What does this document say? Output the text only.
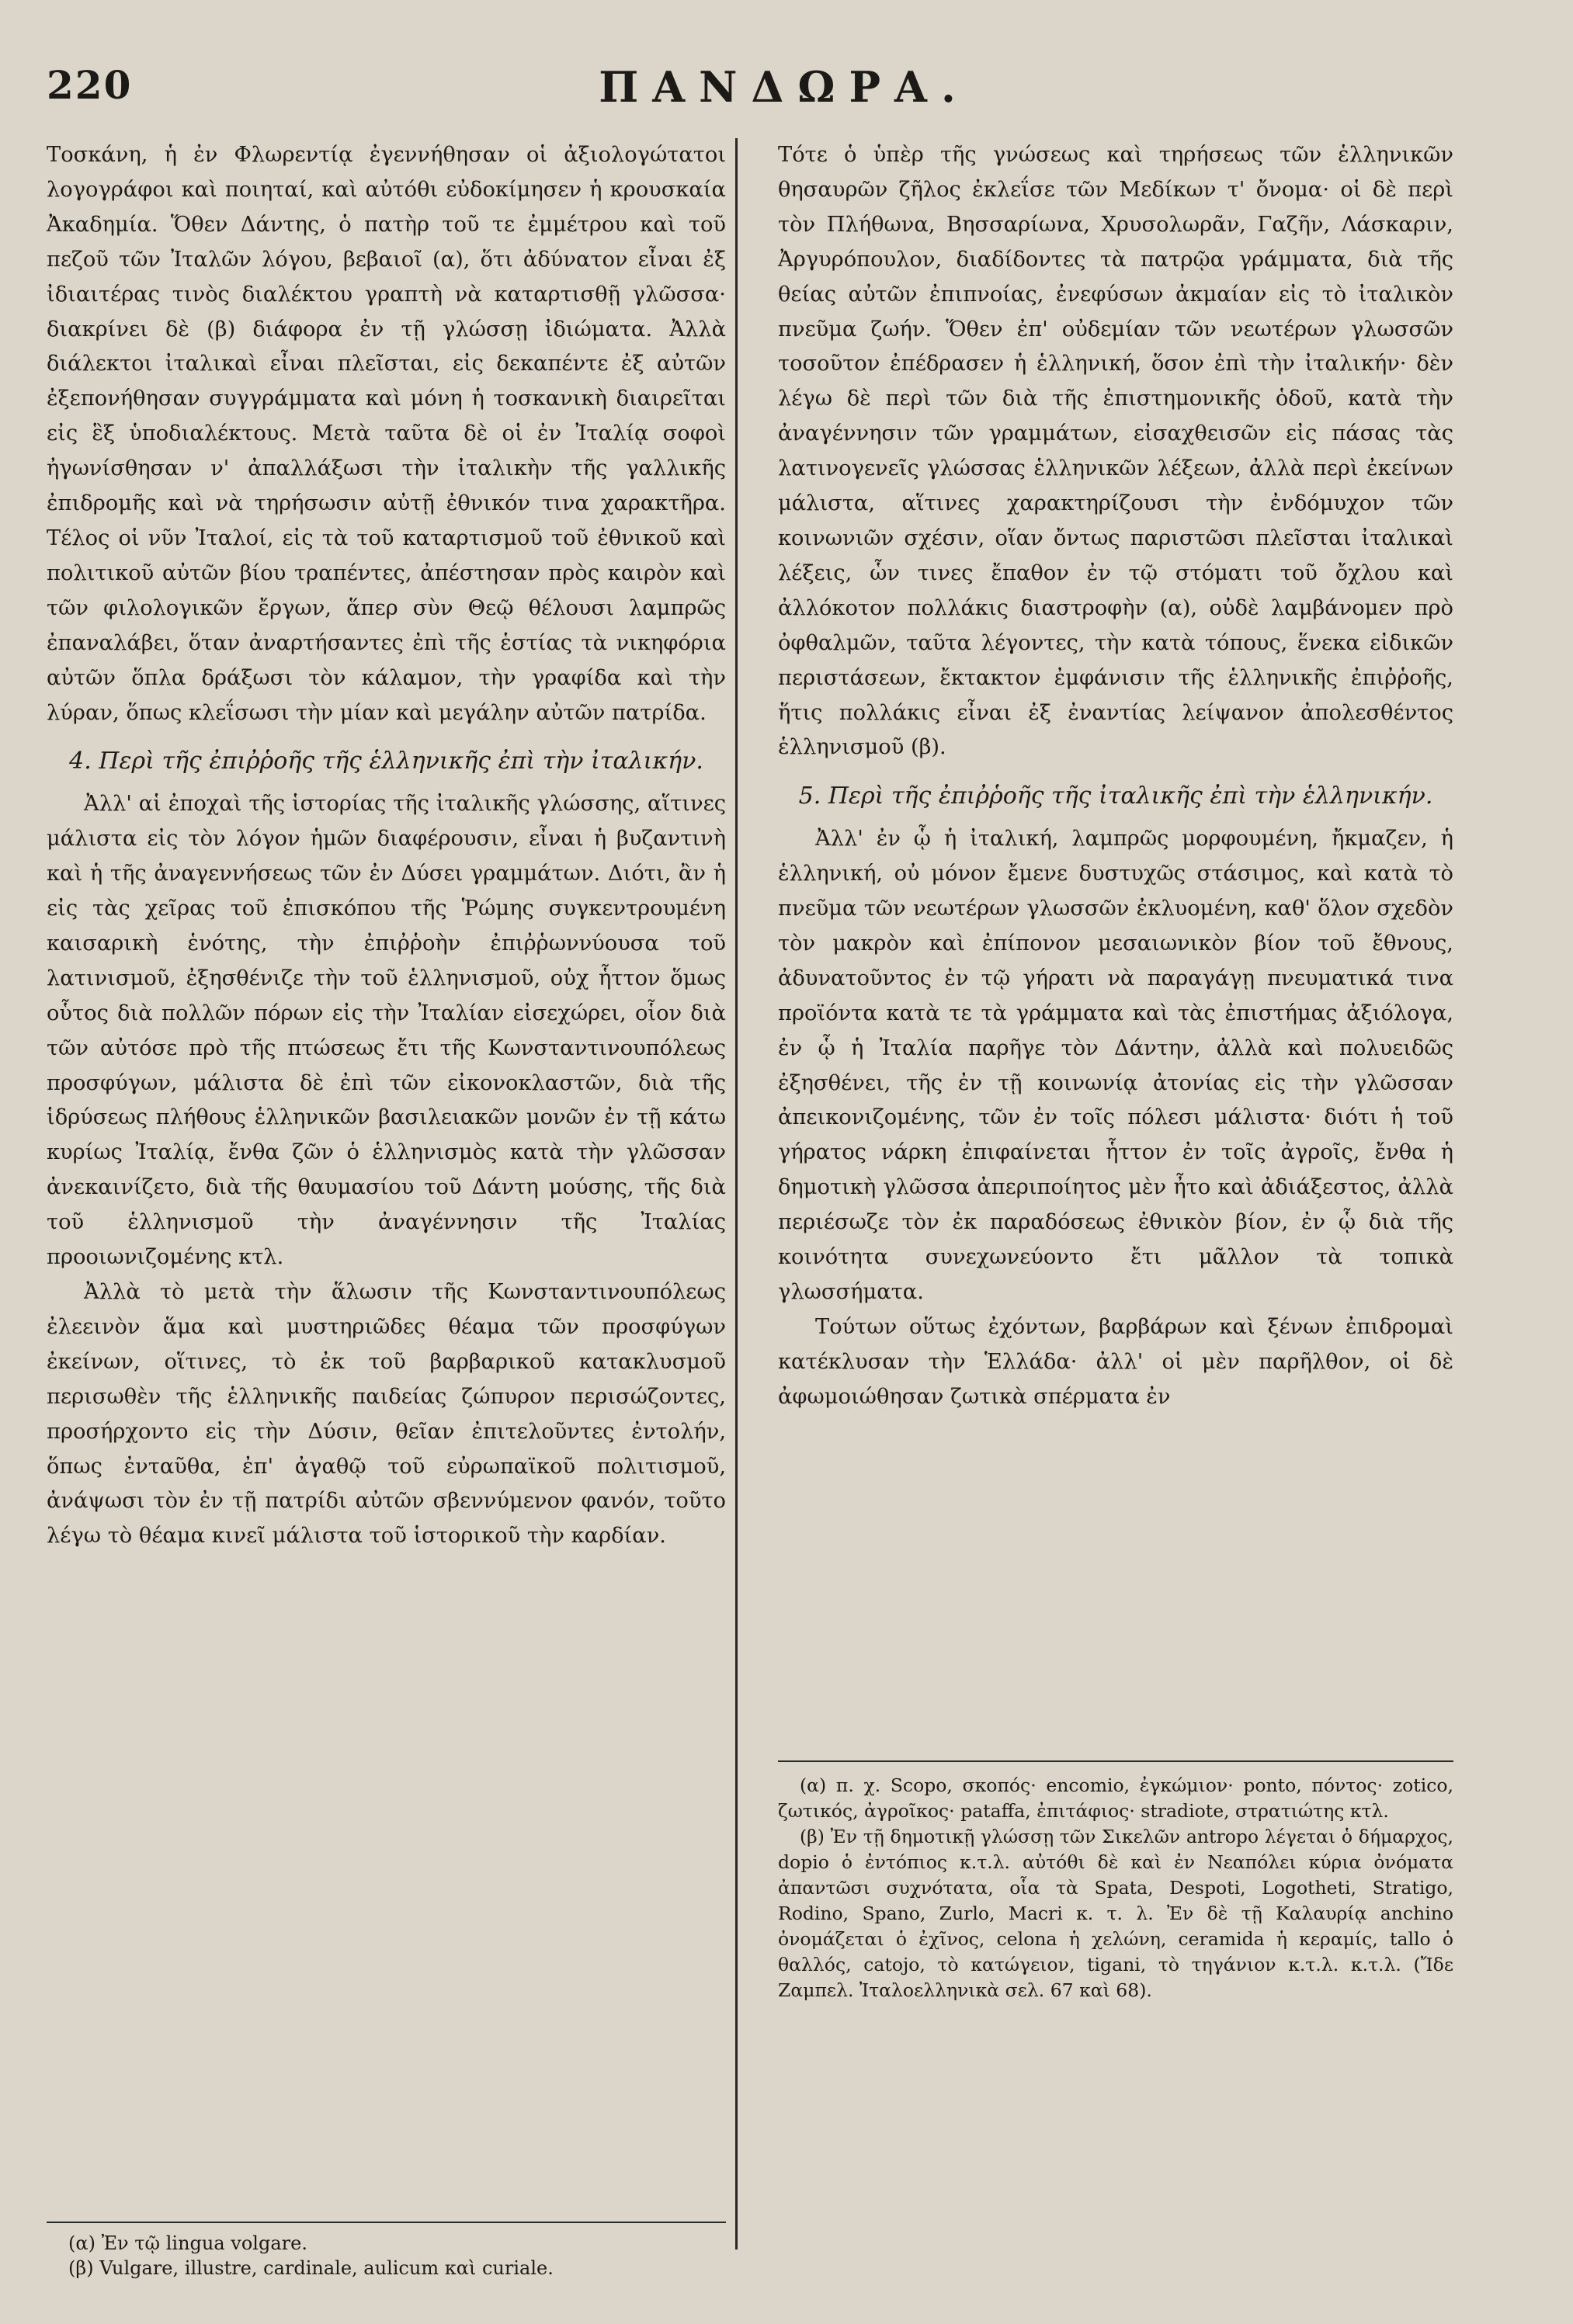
220	ΠΑΝΔΩΡΑ.

Τοσκάνη, ἡ ἐν Φλωρεντίᾳ ἐγεννήθησαν οἱ ἀξιολογώτατοι λογογράφοι καὶ ποιηταί, καὶ αὐτόθι εὐδοκίμησεν ἡ κρουσκαία Ἀκαδημία. Ὅθεν Δάντης, ὁ πατὴρ τοῦ τε ἐμμέτρου καὶ τοῦ πεζοῦ τῶν Ἰταλῶν λόγου, βεβαιοῖ (α), ὅτι ἀδύνατον εἶναι ἐξ ἰδιαιτέρας τινὸς διαλέκτου γραπτὴ νὰ καταρτισθῇ γλῶσσα· διακρίνει δὲ (β) διάφορα ἐν τῇ γλώσσῃ ἰδιώματα. Ἀλλὰ διάλεκτοι ἰταλικαὶ εἶναι πλεῖσται, εἰς δεκαπέντε ἐξ αὐτῶν ἐξεπονήθησαν συγγράμματα καὶ μόνη ἡ τοσκανικὴ διαιρεῖται εἰς ἓξ ὑποδιαλέκτους. Μετὰ ταῦτα δὲ οἱ ἐν Ἰταλίᾳ σοφοὶ ἠγωνίσθησαν ν' ἀπαλλάξωσι τὴν ἰταλικὴν τῆς γαλλικῆς ἐπιδρομῆς καὶ νὰ τηρήσωσιν αὐτῇ ἐθνικόν τινα χαρακτῆρα. Τέλος οἱ νῦν Ἰταλοί, εἰς τὰ τοῦ καταρτισμοῦ τοῦ ἐθνικοῦ καὶ πολιτικοῦ αὐτῶν βίου τραπέντες, ἀπέστησαν πρὸς καιρὸν καὶ τῶν φιλολογικῶν ἔργων, ἅπερ σὺν Θεῷ θέλουσι λαμπρῶς ἐπαναλάβει, ὅταν ἀναρτήσαντες ἐπὶ τῆς ἑστίας τὰ νικηφόρια αὐτῶν ὅπλα δράξωσι τὸν κάλαμον, τὴν γραφίδα καὶ τὴν λύραν, ὅπως κλεΐσωσι τὴν μίαν καὶ μεγάλην αὐτῶν πατρίδα.

4. Περὶ τῆς ἐπιῤῥοῆς τῆς ἑλληνικῆς ἐπὶ τὴν ἰταλικήν.

Ἀλλ' αἱ ἐποχαὶ τῆς ἱστορίας τῆς ἰταλικῆς γλώσσης, αἵτινες μάλιστα εἰς τὸν λόγον ἡμῶν διαφέρουσιν, εἶναι ἡ βυζαντινὴ καὶ ἡ τῆς ἀναγεννήσεως τῶν ἐν Δύσει γραμμάτων. Διότι, ἂν ἡ εἰς τὰς χεῖρας τοῦ ἐπισκόπου τῆς Ῥώμης συγκεντρουμένη καισαρικὴ ἑνότης, τὴν ἐπιῤῥοὴν ἐπιῤῥωννύουσα τοῦ λατινισμοῦ, ἐξησθένιζε τὴν τοῦ ἑλληνισμοῦ, οὐχ ἧττον ὅμως οὗτος διὰ πολλῶν πόρων εἰς τὴν Ἰταλίαν εἰσεχώρει, οἷον διὰ τῶν αὐτόσε πρὸ τῆς πτώσεως ἔτι τῆς Κωνσταντινουπόλεως προσφύγων, μάλιστα δὲ ἐπὶ τῶν εἰκονοκλαστῶν, διὰ τῆς ἱδρύσεως πλήθους ἑλληνικῶν βασιλειακῶν μονῶν ἐν τῇ κάτω κυρίως Ἰταλίᾳ, ἔνθα ζῶν ὁ ἑλληνισμὸς κατὰ τὴν γλῶσσαν ἀνεκαινίζετο, διὰ τῆς θαυμασίου τοῦ Δάντη μούσης, τῆς διὰ τοῦ ἑλληνισμοῦ τὴν ἀναγέννησιν τῆς Ἰταλίας προοιωνιζομένης κτλ.

Ἀλλὰ τὸ μετὰ τὴν ἅλωσιν τῆς Κωνσταντινουπόλεως ἐλεεινὸν ἅμα καὶ μυστηριῶδες θέαμα τῶν προσφύγων ἐκείνων, οἵτινες, τὸ ἐκ τοῦ βαρβαρικοῦ κατακλυσμοῦ περισωθὲν τῆς ἑλληνικῆς παιδείας ζώπυρον περισώζοντες, προσήρχοντο εἰς τὴν Δύσιν, θεῖαν ἐπιτελοῦντες ἐντολήν, ὅπως ἐνταῦθα, ἐπ' ἀγαθῷ τοῦ εὐρωπαϊκοῦ πολιτισμοῦ, ἀνάψωσι τὸν ἐν τῇ πατρίδι αὐτῶν σβεννύμενον φανόν, τοῦτο λέγω τὸ θέαμα κινεῖ μάλιστα τοῦ ἱστορικοῦ τὴν καρδίαν.

Τότε ὁ ὑπὲρ τῆς γνώσεως καὶ τηρήσεως τῶν ἑλληνικῶν θησαυρῶν ζῆλος ἐκλεΐσε τῶν Μεδίκων τ' ὄνομα· οἱ δὲ περὶ τὸν Πλήθωνα, Βησσαρίωνα, Χρυσολωρᾶν, Γαζῆν, Λάσκαριν, Ἀργυρόπουλον, διαδίδοντες τὰ πατρῷα γράμματα, διὰ τῆς θείας αὐτῶν ἐπιπνοίας, ἐνεφύσων ἀκμαίαν εἰς τὸ ἰταλικὸν πνεῦμα ζωήν. Ὅθεν ἐπ' οὐδεμίαν τῶν νεωτέρων γλωσσῶν τοσοῦτον ἐπέδρασεν ἡ ἑλληνική, ὅσον ἐπὶ τὴν ἰταλικήν· δὲν λέγω δὲ περὶ τῶν διὰ τῆς ἐπιστημονικῆς ὁδοῦ, κατὰ τὴν ἀναγέννησιν τῶν γραμμάτων, εἰσαχθεισῶν εἰς πάσας τὰς λατινογενεῖς γλώσσας ἑλληνικῶν λέξεων, ἀλλὰ περὶ ἐκείνων μάλιστα, αἵτινες χαρακτηρίζουσι τὴν ἐνδόμυχον τῶν κοινωνιῶν σχέσιν, οἵαν ὄντως παριστῶσι πλεῖσται ἰταλικαὶ λέξεις, ὧν τινες ἔπαθον ἐν τῷ στόματι τοῦ ὄχλου καὶ ἀλλόκοτον πολλάκις διαστροφὴν (α), οὐδὲ λαμβάνομεν πρὸ ὀφθαλμῶν, ταῦτα λέγοντες, τὴν κατὰ τόπους, ἕνεκα εἰδικῶν περιστάσεων, ἔκτακτον ἐμφάνισιν τῆς ἑλληνικῆς ἐπιῤῥοῆς, ἥτις πολλάκις εἶναι ἐξ ἐναντίας λείψανον ἀπολεσθέντος ἑλληνισμοῦ (β).

5. Περὶ τῆς ἐπιῤῥοῆς τῆς ἰταλικῆς ἐπὶ τὴν ἑλληνικήν.

Ἀλλ' ἐν ᾧ ἡ ἰταλική, λαμπρῶς μορφουμένη, ἤκμαζεν, ἡ ἑλληνική, οὐ μόνον ἔμενε δυστυχῶς στάσιμος, καὶ κατὰ τὸ πνεῦμα τῶν νεωτέρων γλωσσῶν ἐκλυομένη, καθ' ὅλον σχεδὸν τὸν μακρὸν καὶ ἐπίπονον μεσαιωνικὸν βίον τοῦ ἔθνους, ἀδυνατοῦντος ἐν τῷ γήρατι νὰ παραγάγῃ πνευματικά τινα προϊόντα κατὰ τε τὰ γράμματα καὶ τὰς ἐπιστήμας ἀξιόλογα, ἐν ᾧ ἡ Ἰταλία παρῆγε τὸν Δάντην, ἀλλὰ καὶ πολυειδῶς ἐξησθένει, τῆς ἐν τῇ κοινωνίᾳ ἀτονίας εἰς τὴν γλῶσσαν ἀπεικονιζομένης, τῶν ἐν τοῖς πόλεσι μάλιστα· διότι ἡ τοῦ γήρατος νάρκη ἐπιφαίνεται ἧττον ἐν τοῖς ἀγροῖς, ἔνθα ἡ δημοτικὴ γλῶσσα ἀπεριποίητος μὲν ἦτο καὶ ἀδιάξεστος, ἀλλὰ περιέσωζε τὸν ἐκ παραδόσεως ἐθνικὸν βίον, ἐν ᾧ διὰ τῆς κοινότητα συνεχωνεύοντο ἔτι μᾶλλον τὰ τοπικὰ γλωσσήματα.

Τούτων οὕτως ἐχόντων, βαρβάρων καὶ ξένων ἐπιδρομαὶ κατέκλυσαν τὴν Ἑλλάδα· ἀλλ' οἱ μὲν παρῆλθον, οἱ δὲ ἀφωμοιώθησαν ζωτικὰ σπέρματα ἐν

(α) π. χ. Scopo, σκοπός· encomio, ἐγκώμιον· ponto, πόντος· zotico, ζωτικός, ἀγροῖκος· pataffa, ἐπιτάφιος· stradiote, στρατιώτης κτλ.

(β) Ἐν τῇ δημοτικῇ γλώσσῃ τῶν Σικελῶν antropo λέγεται ὁ δήμαρχος, dopio ὁ ἐντόπιος κ.τ.λ. αὐτόθι δὲ καὶ ἐν Νεαπόλει κύρια ὀνόματα ἀπαντῶσι συχνότατα, οἷα τὰ Spata, Despoti, Logotheti, Stratigo, Rodino, Spano, Zurlo, Macri κ. τ. λ. Ἐν δὲ τῇ Καλαυρίᾳ anchino ὀνομάζεται ὁ ἐχῖνος, celona ἡ χελώνη, ceramida ἡ κεραμίς, tallo ὁ θαλλός, catojo, τὸ κατώγειον, tigani, τὸ τηγάνιον κ.τ.λ. κ.τ.λ. (Ἴδε Ζαμπελ. Ἰταλοελληνικὰ σελ. 67 καὶ 68).

(α) Ἐν τῷ lingua volgare.

(β) Vulgare, illustre, cardinale, aulicum καὶ curiale.
